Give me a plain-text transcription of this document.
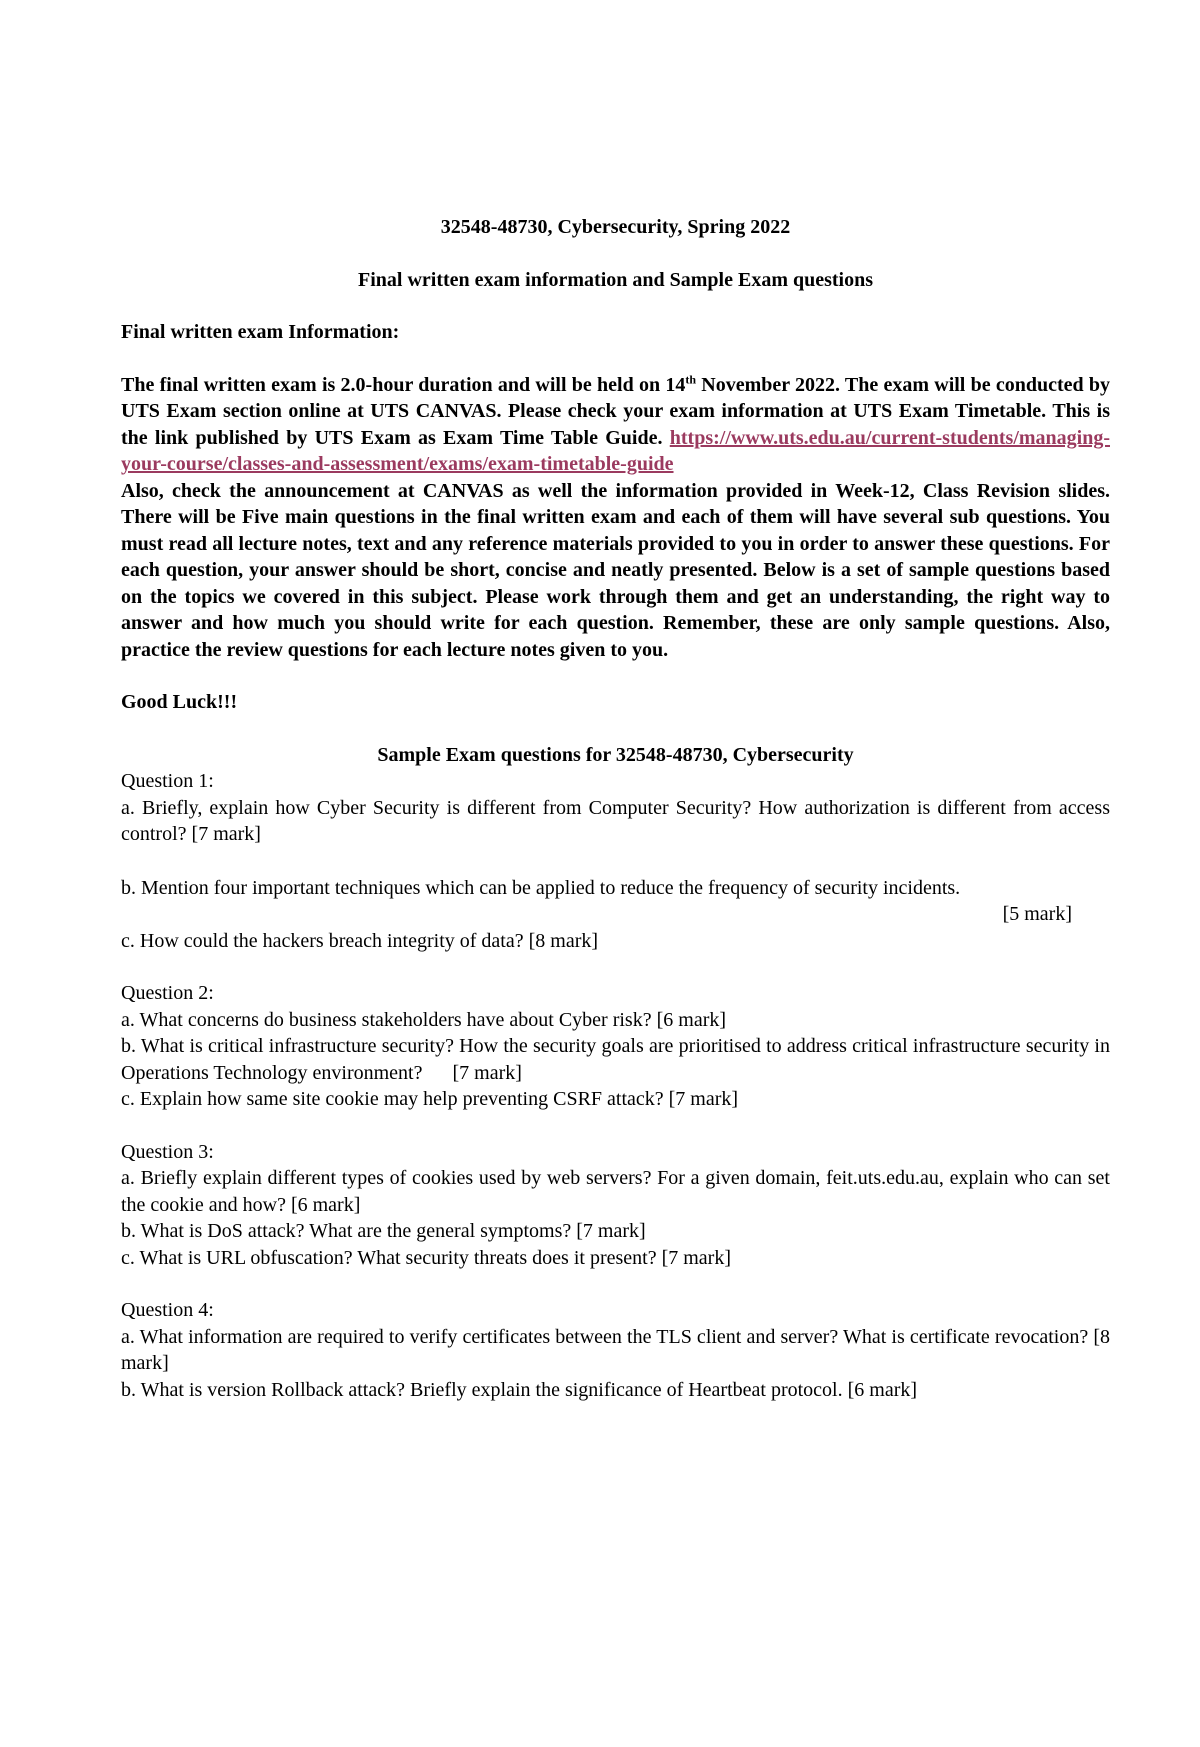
32548-48730, Cybersecurity, Spring 2022

Final written exam information and Sample Exam questions

Final written exam Information:

The final written exam is 2.0-hour duration and will be held on 14th November 2022. The exam will be conducted by UTS Exam section online at UTS CANVAS. Please check your exam information at UTS Exam Timetable. This is the link published by UTS Exam as Exam Time Table Guide. https://www.uts.edu.au/current-students/managing-your-course/classes-and-assessment/exams/exam-timetable-guide

Also, check the announcement at CANVAS as well the information provided in Week-12, Class Revision slides. There will be Five main questions in the final written exam and each of them will have several sub questions. You must read all lecture notes, text and any reference materials provided to you in order to answer these questions. For each question, your answer should be short, concise and neatly presented. Below is a set of sample questions based on the topics we covered in this subject. Please work through them and get an understanding, the right way to answer and how much you should write for each question. Remember, these are only sample questions. Also, practice the review questions for each lecture notes given to you.

Good Luck!!!

Sample Exam questions for 32548-48730, Cybersecurity

Question 1:

a. Briefly, explain how Cyber Security is different from Computer Security? How authorization is different from access control? [7 mark]

b. Mention four important techniques which can be applied to reduce the frequency of security incidents.

[5 mark]

c. How could the hackers breach integrity of data? [8 mark]

Question 2:

a. What concerns do business stakeholders have about Cyber risk? [6 mark]

b. What is critical infrastructure security? How the security goals are prioritised to address critical infrastructure security in Operations Technology environment?      [7 mark]

c. Explain how same site cookie may help preventing CSRF attack? [7 mark]

Question 3:

a. Briefly explain different types of cookies used by web servers? For a given domain, feit.uts.edu.au, explain who can set the cookie and how? [6 mark]

b. What is DoS attack? What are the general symptoms? [7 mark]

c. What is URL obfuscation? What security threats does it present? [7 mark]

Question 4:

a. What information are required to verify certificates between the TLS client and server? What is certificate revocation? [8 mark]

b. What is version Rollback attack? Briefly explain the significance of Heartbeat protocol. [6 mark]
